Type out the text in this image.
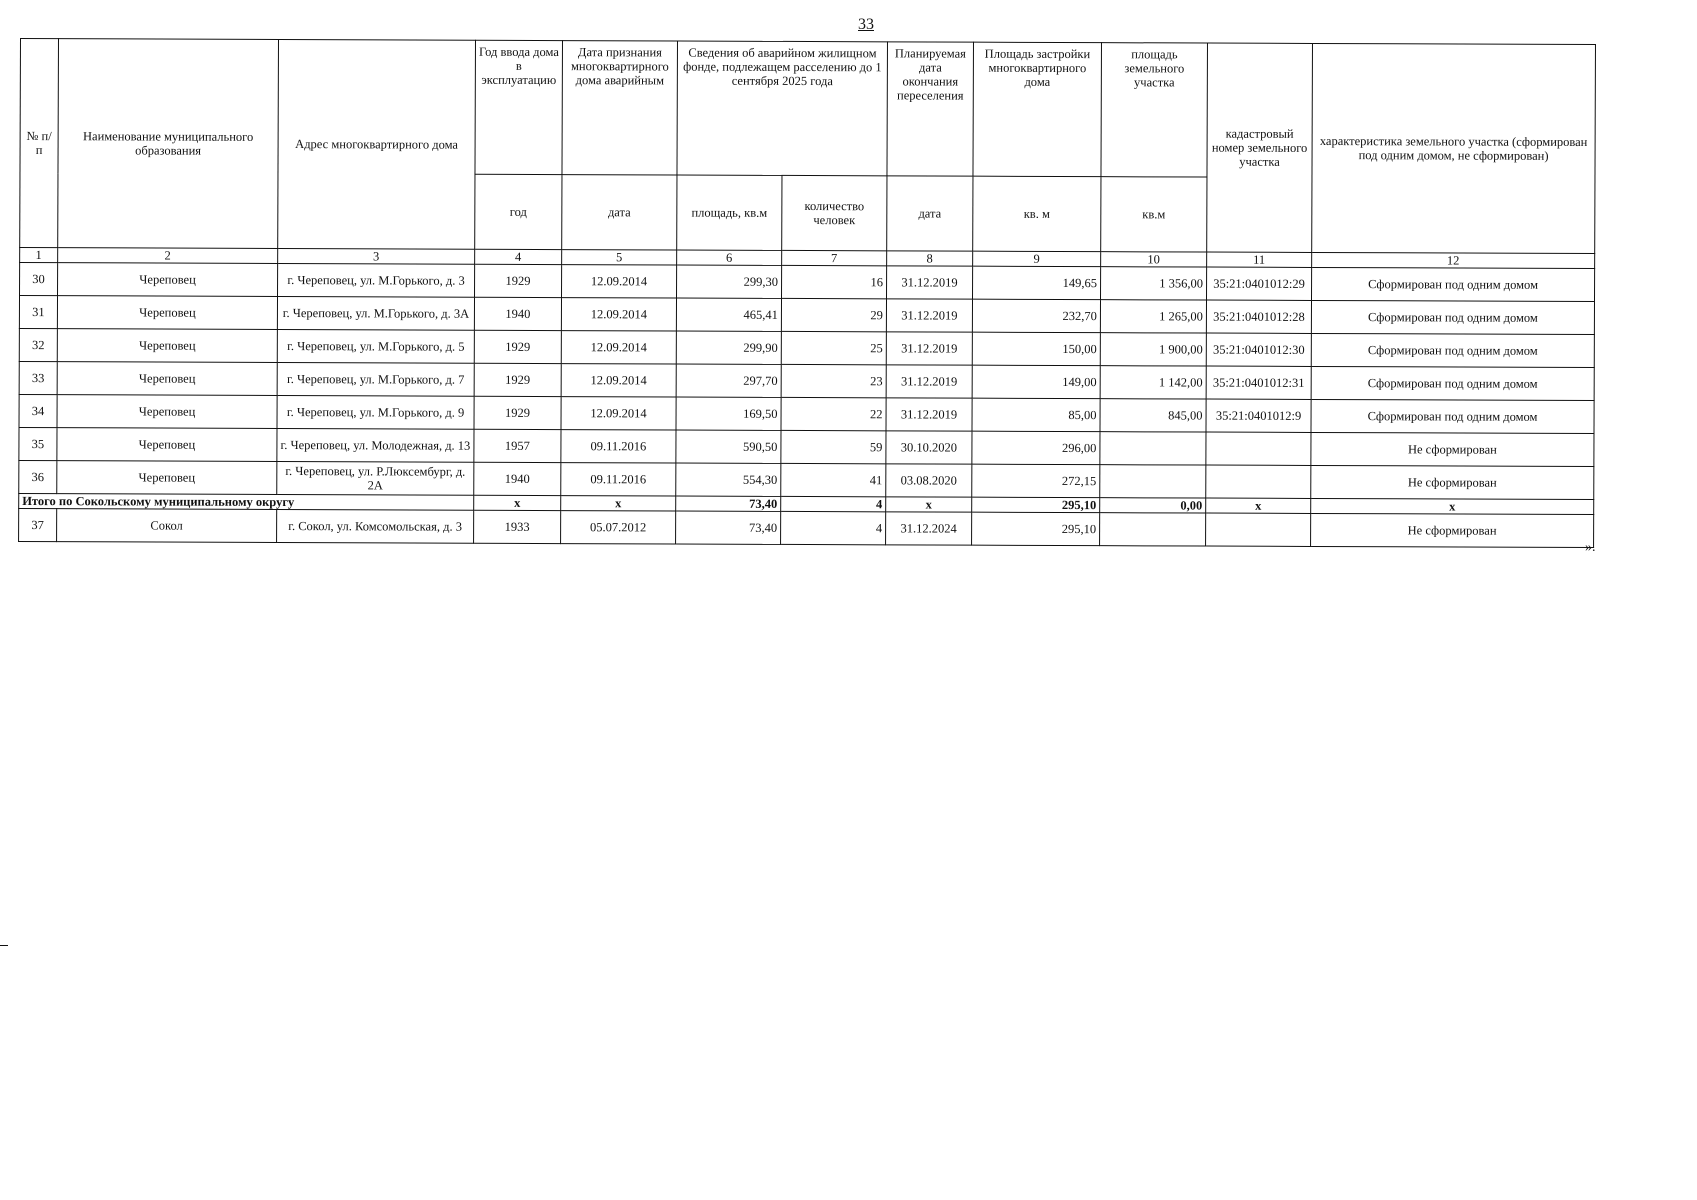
33
№ п/п	Наименование муниципального образования	Адрес многоквартирного дома	Год ввода дома в эксплуатацию	Дата признания многоквартирного дома аварийным	Сведения об аварийном жилищном фонде, подлежащем расселению до 1 сентября 2025 года		Планируемая дата окончания переселения	Площадь застройки многоквартирного дома	площадь земельного участка	кадастровый номер земельного участка	характеристика земельного участка (сформирован под одним домом, не сформирован)
			год	дата	площадь, кв.м	количество человек	дата	кв. м	кв.м		
1	2	3	4	5	6	7	8	9	10	11	12
30	Череповец	г. Череповец, ул. М.Горького, д. 3	1929	12.09.2014	299,30	16	31.12.2019	149,65	1 356,00	35:21:0401012:29	Сформирован под одним домом
31	Череповец	г. Череповец, ул. М.Горького, д. 3А	1940	12.09.2014	465,41	29	31.12.2019	232,70	1 265,00	35:21:0401012:28	Сформирован под одним домом
32	Череповец	г. Череповец, ул. М.Горького, д. 5	1929	12.09.2014	299,90	25	31.12.2019	150,00	1 900,00	35:21:0401012:30	Сформирован под одним домом
33	Череповец	г. Череповец, ул. М.Горького, д. 7	1929	12.09.2014	297,70	23	31.12.2019	149,00	1 142,00	35:21:0401012:31	Сформирован под одним домом
34	Череповец	г. Череповец, ул. М.Горького, д. 9	1929	12.09.2014	169,50	22	31.12.2019	85,00	845,00	35:21:0401012:9	Сформирован под одним домом
35	Череповец	г. Череповец, ул. Молодежная, д. 13	1957	09.11.2016	590,50	59	30.10.2020	296,00			Не сформирован
36	Череповец	г. Череповец, ул. Р.Люксембург, д. 2А	1940	09.11.2016	554,30	41	03.08.2020	272,15			Не сформирован
Итого по Сокольскому муниципальному округу			x	x	73,40	4	x	295,10	0,00	x	x
37	Сокол	г. Сокол, ул. Комсомольская, д. 3	1933	05.07.2012	73,40	4	31.12.2024	295,10			Не сформирован
».
